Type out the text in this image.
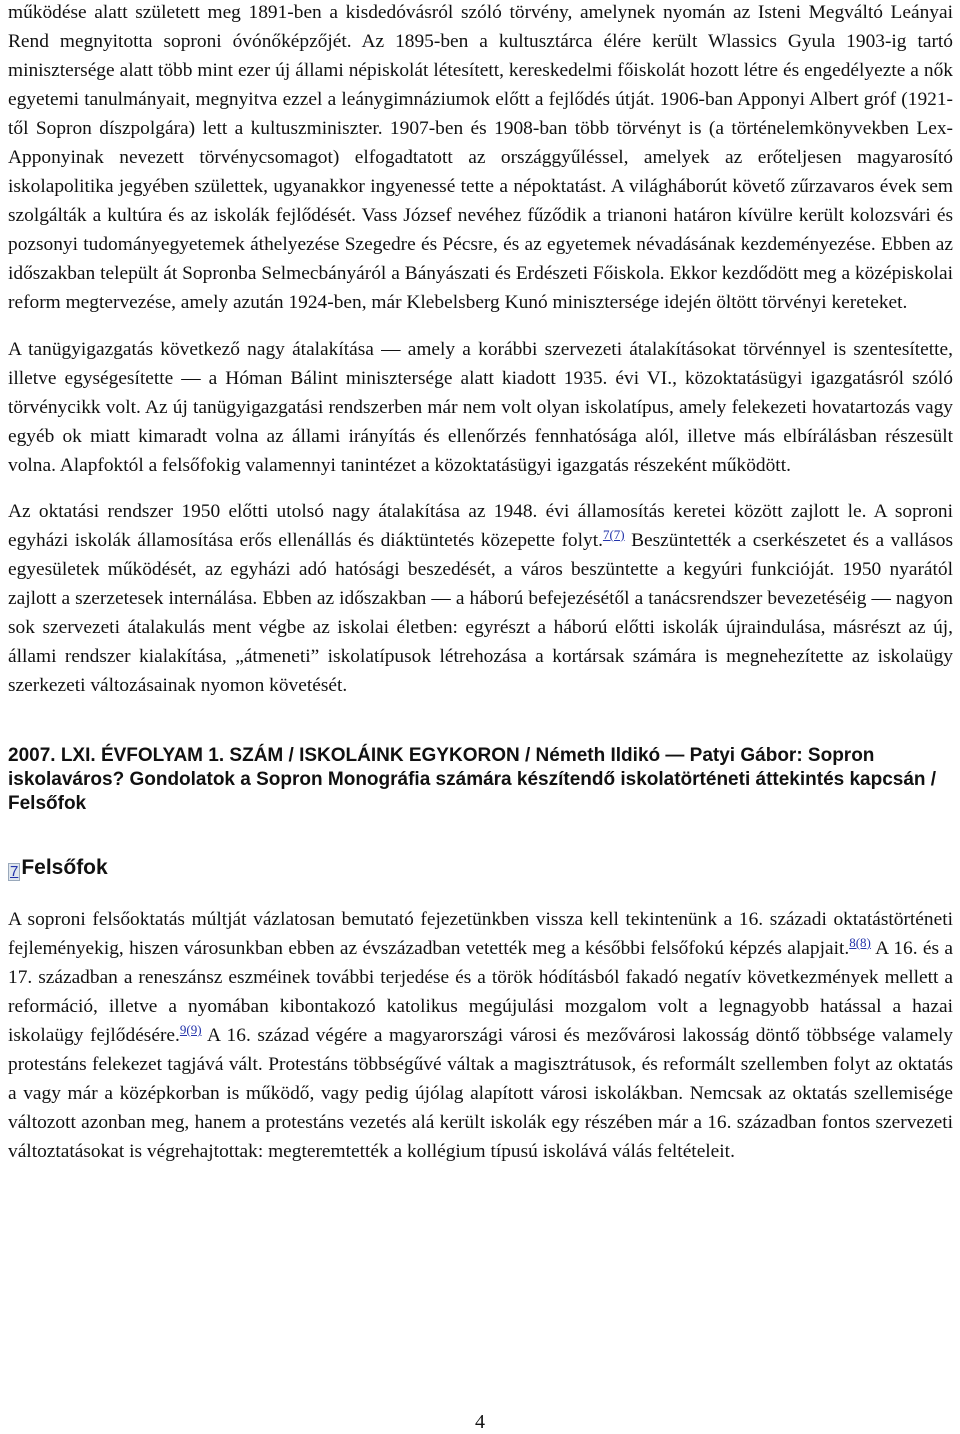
működése alatt született meg 1891-ben a kisdedóvásról szóló törvény, amelynek nyomán az Isteni Megváltó Leányai Rend megnyitotta soproni óvónőképzőjét. Az 1895-ben a kultusztárca élére került Wlassics Gyula 1903-ig tartó minisztersége alatt több mint ezer új állami népiskolát létesített, kereskedelmi főiskolát hozott létre és engedélyezte a nők egyetemi tanulmányait, megnyitva ezzel a leánygimnáziumok előtt a fejlődés útját. 1906-ban Apponyi Albert gróf (1921-től Sopron díszpolgára) lett a kultuszminiszter. 1907-ben és 1908-ban több törvényt is (a történelemkönyvekben Lex-Apponyinak nevezett törvénycsomagot) elfogadtatott az országgyűléssel, amelyek az erőteljesen magyarosító iskolapolitika jegyében születtek, ugyanakkor ingyenessé tette a népoktatást. A világháborút követő zűrzavaros évek sem szolgálták a kultúra és az iskolák fejlődését. Vass József nevéhez fűződik a trianoni határon kívülre került kolozsvári és pozsonyi tudományegyetemek áthelyezése Szegedre és Pécsre, és az egyetemek névadásának kezdeményezése. Ebben az időszakban települt át Sopronba Selmecbányáról a Bányászati és Erdészeti Főiskola. Ekkor kezdődött meg a középiskolai reform megtervezése, amely azután 1924-ben, már Klebelsberg Kunó minisztersége idején öltött törvényi kereteket.

A tanügyigazgatás következő nagy átalakítása ― amely a korábbi szervezeti átalakításokat törvénnyel is szentesítette, illetve egységesítette ― a Hóman Bálint minisztersége alatt kiadott 1935. évi VI., közoktatásügyi igazgatásról szóló törvénycikk volt. Az új tanügyigazgatási rendszerben már nem volt olyan iskolatípus, amely felekezeti hovatartozás vagy egyéb ok miatt kimaradt volna az állami irányítás és ellenőrzés fennhatósága alól, illetve más elbírálásban részesült volna. Alapfoktól a felsőfokig valamennyi tanintézet a közoktatásügyi igazgatás részeként működött.

Az oktatási rendszer 1950 előtti utolsó nagy átalakítása az 1948. évi államosítás keretei között zajlott le. A soproni egyházi iskolák államosítása erős ellenállás és diáktüntetés közepette folyt.$^{7(7)}$ Beszüntették a cserkészetet és a vallásos egyesületek működését, az egyházi adó hatósági beszedését, a város beszüntette a kegyúri funkcióját. 1950 nyarától zajlott a szerzetesek internálása. Ebben az időszakban ― a háború befejezésétől a tanácsrendszer bevezetéséig ― nagyon sok szervezeti átalakulás ment végbe az iskolai életben: egyrészt a háború előtti iskolák újraindulása, másrészt az új, állami rendszer kialakítása, „átmeneti” iskolatípusok létrehozása a kortársak számára is megnehezítette az iskolaügy szerkezeti változásainak nyomon követését.

2007. LXI. ÉVFOLYAM 1. SZÁM / ISKOLÁINK EGYKORON / Németh Ildikó ― Patyi Gábor: Sopron iskolaváros? Gondolatok a Sopron Monográfia számára készítendő iskolatörténeti áttekintés kapcsán / Felsőfok
7 Felsőfok

A soproni felsőoktatás múltját vázlatosan bemutató fejezetünkben vissza kell tekintenünk a 16. századi oktatástörténeti fejleményekig, hiszen városunkban ebben az évszázadban vetették meg a későbbi felsőfokú képzés alapjait.$^{8(8)}$ A 16. és a 17. században a reneszánsz eszméinek további terjedése és a török hódításból fakadó negatív következmények mellett a reformáció, illetve a nyomában kibontakozó katolikus megújulási mozgalom volt a legnagyobb hatással a hazai iskolaügy fejlődésére.$^{9(9)}$ A 16. század végére a magyarországi városi és mezővárosi lakosság döntő többsége valamely protestáns felekezet tagjává vált. Protestáns többségűvé váltak a magisztrátusok, és reformált szellemben folyt az oktatás a vagy már a középkorban is működő, vagy pedig újólag alapított városi iskolákban. Nemcsak az oktatás szellemisége változott azonban meg, hanem a protestáns vezetés alá került iskolák egy részében már a 16. században fontos szervezeti változtatásokat is végrehajtottak: megteremtették a kollégium típusú iskolává válás feltételeit.

4
